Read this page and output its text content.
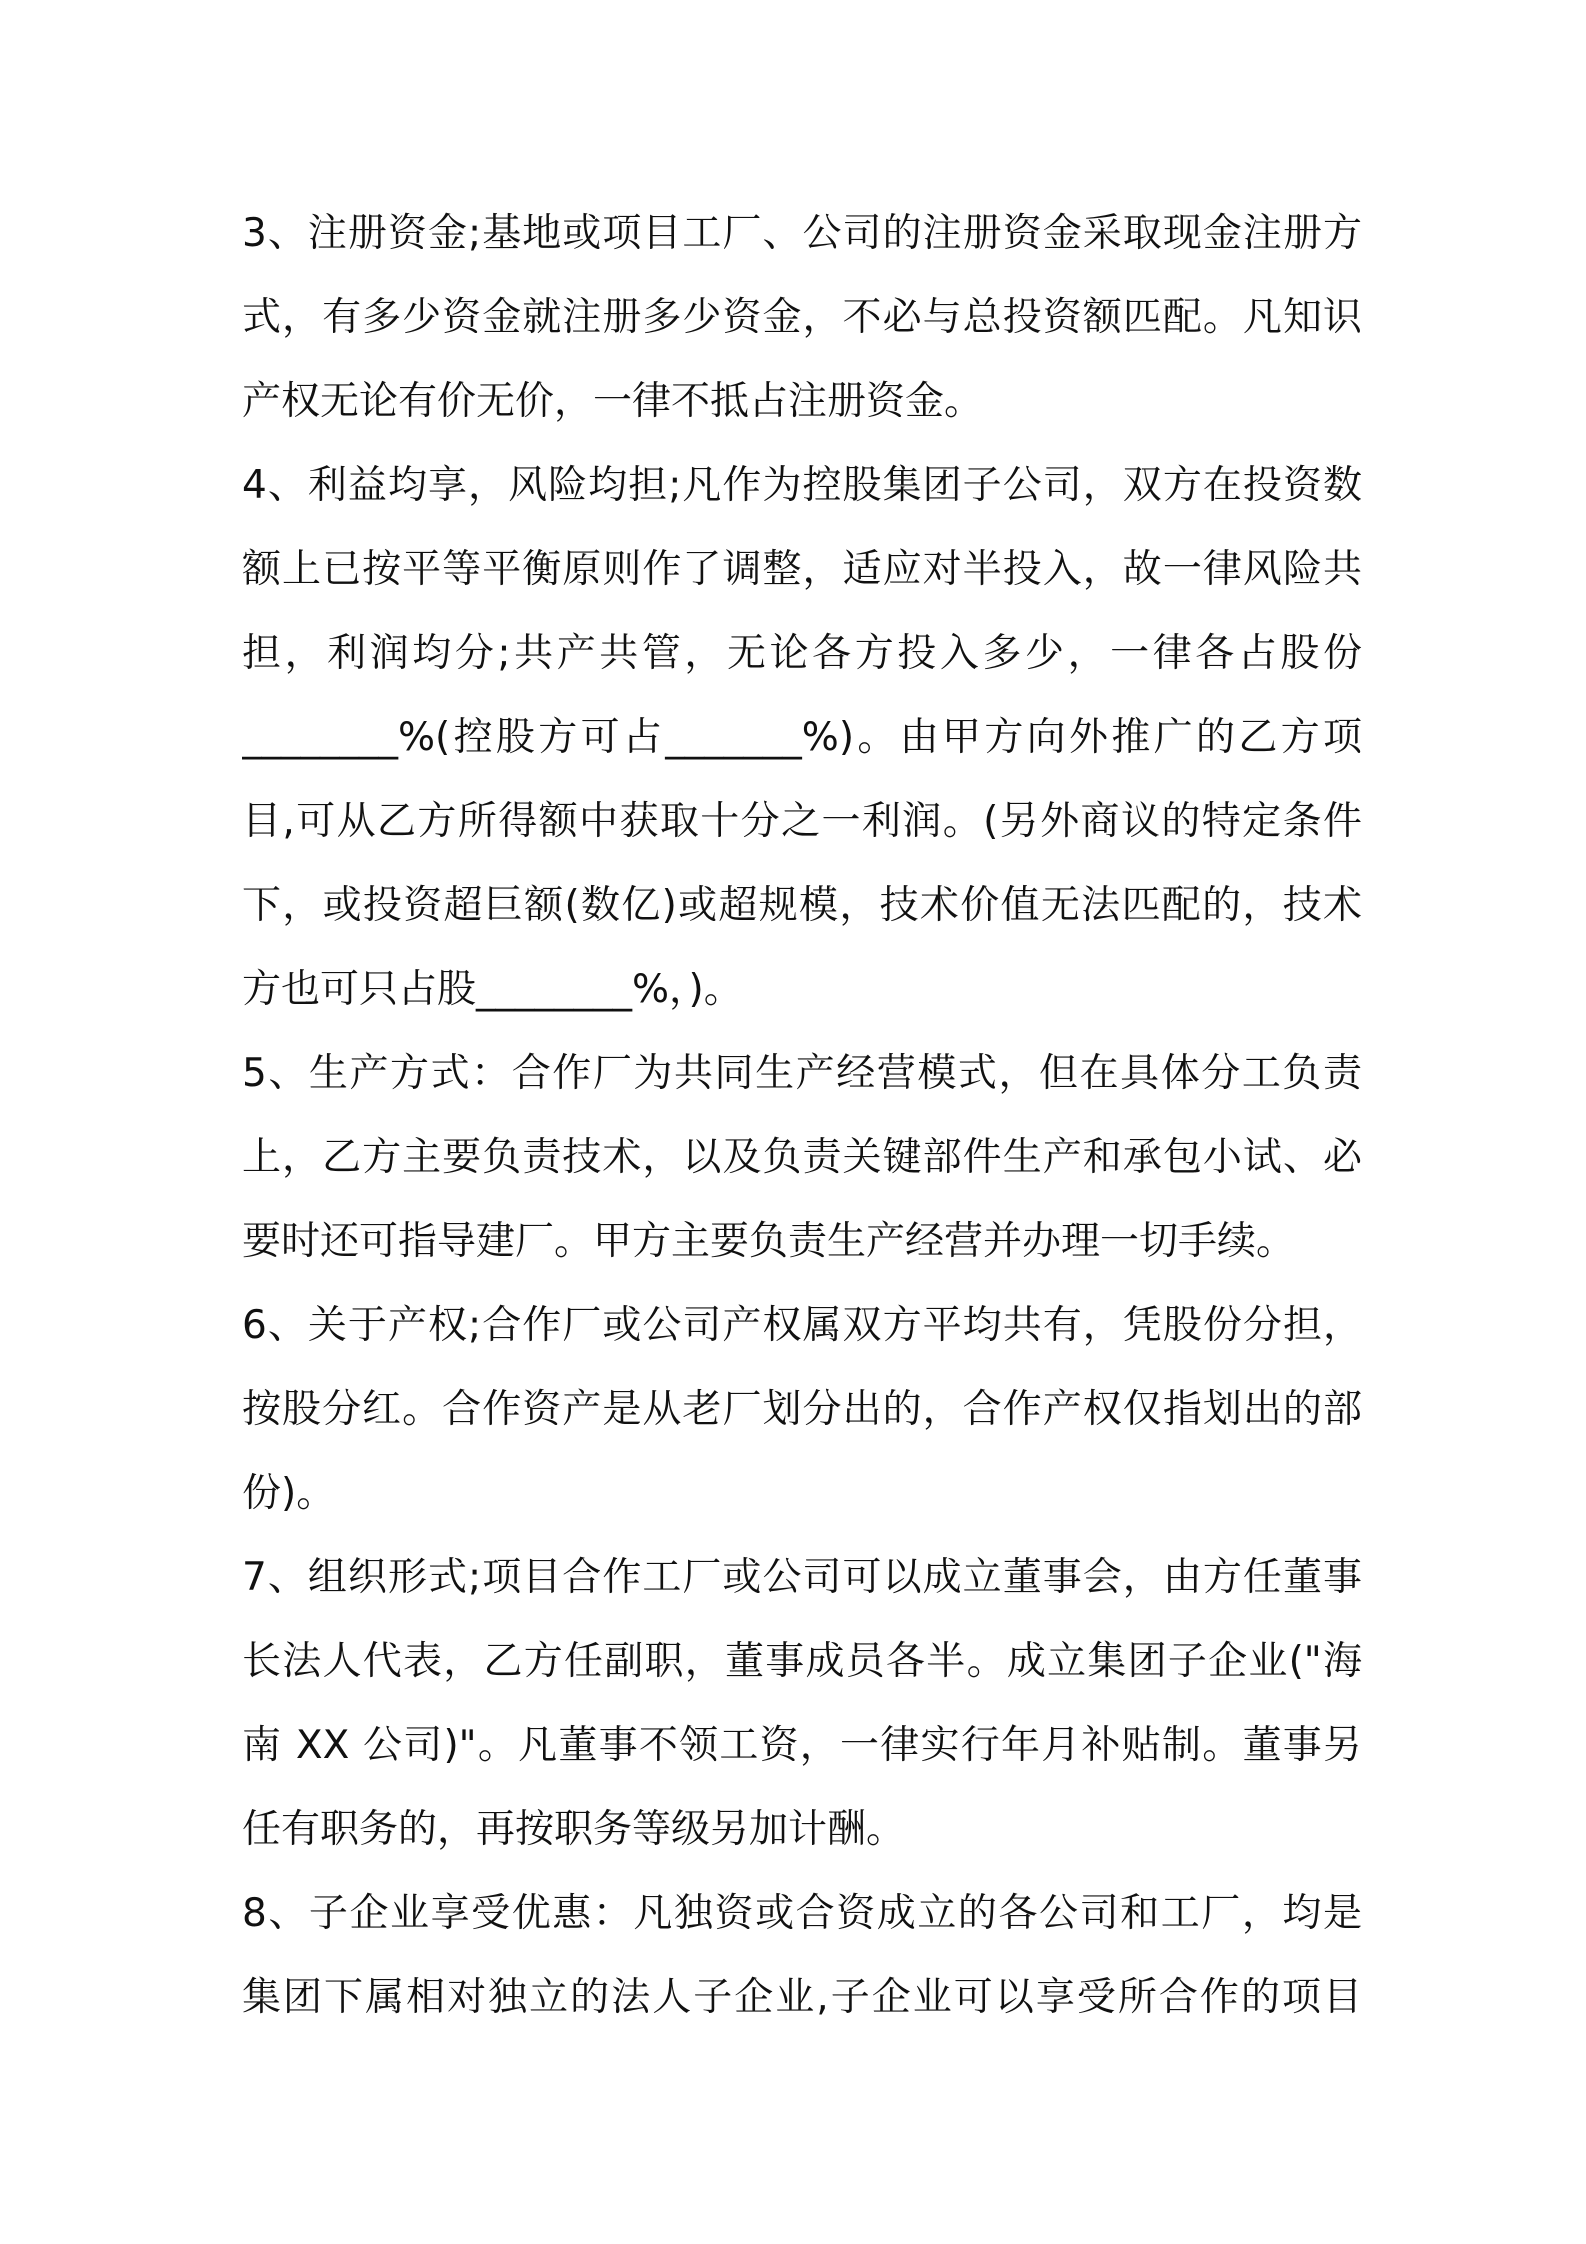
3、注册资金;基地或项目工厂、公司的注册资金采取现金注册方
式，有多少资金就注册多少资金，不必与总投资额匹配。凡知识
产权无论有价无价，一律不抵占注册资金。
4、利益均享，风险均担;凡作为控股集团子公司，双方在投资数
额上已按平等平衡原则作了调整，适应对半投入，故一律风险共
担，利润均分;共产共管，无论各方投入多少，一律各占股份
________%(控股方可占_______%)。由甲方向外推广的乙方项
目,可从乙方所得额中获取十分之一利润。(另外商议的特定条件
下，或投资超巨额(数亿)或超规模，技术价值无法匹配的，技术
方也可只占股________%，)。
5、生产方式：合作厂为共同生产经营模式，但在具体分工负责
上，乙方主要负责技术，以及负责关键部件生产和承包小试、必
要时还可指导建厂。甲方主要负责生产经营并办理一切手续。
6、关于产权;合作厂或公司产权属双方平均共有，凭股份分担，
按股分红。合作资产是从老厂划分出的，合作产权仅指划出的部
份)。
7、组织形式;项目合作工厂或公司可以成立董事会，由方任董事
长法人代表，乙方任副职，董事成员各半。成立集团子企业("海
南 XX 公司)"。凡董事不领工资，一律实行年月补贴制。董事另
任有职务的，再按职务等级另加计酬。
8、子企业享受优惠：凡独资或合资成立的各公司和工厂，均是
集团下属相对独立的法人子企业,子企业可以享受所合作的项目
